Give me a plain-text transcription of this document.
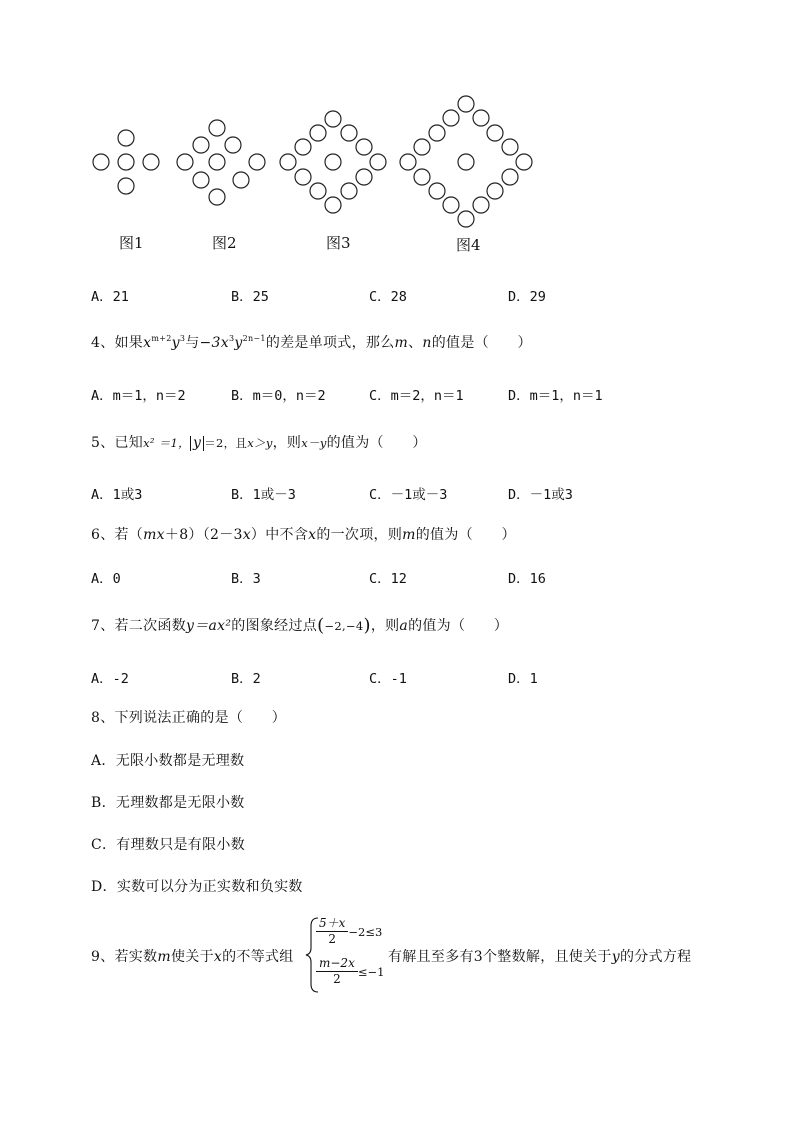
图1	图2	图3	图4
A．21	B．25	C．28	D．29
4、如果$x^{m+2}y^3$与$-3x^3y^{2n-1}$的差是单项式，那么m、n的值是（　　）
A．m＝1，n＝2	B．m＝0，n＝2	C．m＝2，n＝1	D．m＝1，n＝1
5、已知x² ＝1， y ＝2，且x＞y，则x－y的值为（　　）
A．1或3	B．1或－3	C．－1或－3	D．－1或3
6、若（mx＋8）（2－3x）中不含x的一次项，则m的值为（　　）
A．0	B．3	C．12	D．16
7、若二次函数y＝ax²的图象经过点(−2,−4)，则a的值为（　　）
A．-2	B．2	C．-1	D．1
8、下列说法正确的是（　　）
A．无限小数都是无理数
B．无理数都是无限小数
C．有理数只是有限小数
D．实数可以分为正实数和负实数
9、若实数m使关于x的不等式组
$\frac{5+x}{2} -2\le 3$
$\frac{m-2x}{2} \le-1$
有解且至多有3个整数解，且使关于y的分式方程
